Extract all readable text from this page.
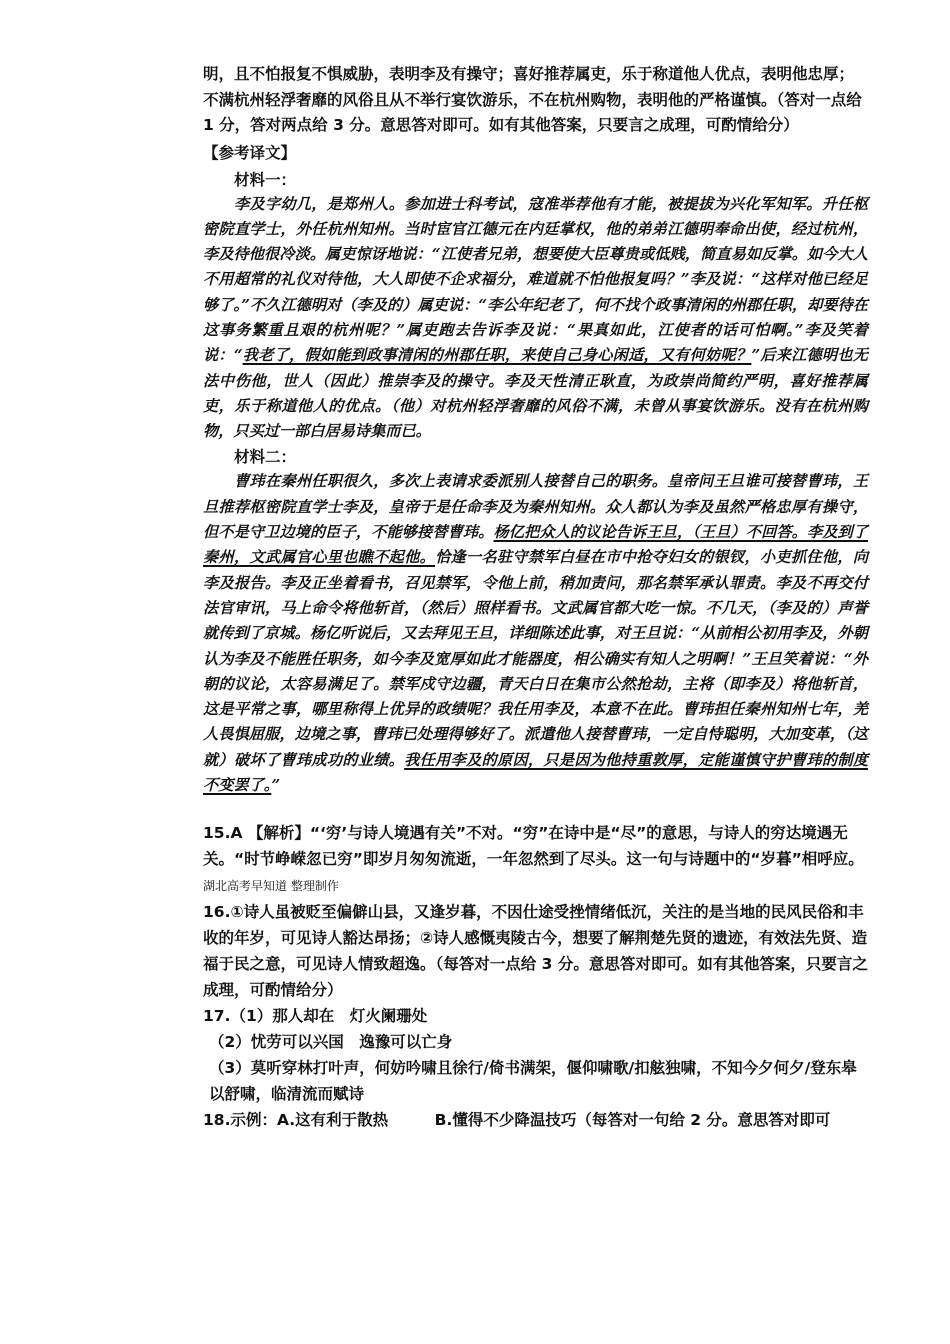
明，且不怕报复不惧威胁，表明李及有操守；喜好推荐属吏，乐于称道他人优点，表明他忠厚；不满杭州轻浮奢靡的风俗且从不举行宴饮游乐，不在杭州购物，表明他的严格谨慎。（答对一点给 1 分，答对两点给 3 分。意思答对即可。如有其他答案，只要言之成理，可酌情给分）

【参考译文】

材料一：

李及字幼几，是郑州人。参加进士科考试，寇准举荐他有才能，被提拔为兴化军知军。升任枢密院直学士，外任杭州知州。当时宦官江德元在内廷掌权，他的弟弟江德明奉命出使，经过杭州，李及待他很冷淡。属吏惊讶地说：“江使者兄弟，想要使大臣尊贵或低贱，简直易如反掌。如今大人不用超常的礼仪对待他，大人即使不企求福分，难道就不怕他报复吗？”李及说：“这样对他已经足够了。”不久江德明对（李及的）属吏说：“李公年纪老了，何不找个政事清闲的州郡任职，却要待在这事务繁重且艰的杭州呢？”属吏跑去告诉李及说：“果真如此，江使者的话可怕啊。”李及笑着说：“我老了，假如能到政事清闲的州郡任职，来使自己身心闲适，又有何妨呢？”后来江德明也无法中伤他，世人（因此）推崇李及的操守。李及天性清正耿直，为政崇尚简约严明，喜好推荐属吏，乐于称道他人的优点。（他）对杭州轻浮奢靡的风俗不满，未曾从事宴饮游乐。没有在杭州购物，只买过一部白居易诗集而已。

材料二：

曹玮在秦州任职很久，多次上表请求委派别人接替自己的职务。皇帝问王旦谁可接替曹玮，王旦推荐枢密院直学士李及，皇帝于是任命李及为秦州知州。众人都认为李及虽然严格忠厚有操守，但不是守卫边境的臣子，不能够接替曹玮。杨亿把众人的议论告诉王旦，（王旦）不回答。李及到了秦州，文武属官心里也瞧不起他。恰逢一名驻守禁军白昼在市中抢夺妇女的银钗，小吏抓住他，向李及报告。李及正坐着看书，召见禁军，令他上前，稍加责问，那名禁军承认罪责。李及不再交付法官审讯，马上命令将他斩首，（然后）照样看书。文武属官都大吃一惊。不几天，（李及的）声誉就传到了京城。杨亿听说后，又去拜见王旦，详细陈述此事，对王旦说：“从前相公初用李及，外朝认为李及不能胜任职务，如今李及宽厚如此才能器度，相公确实有知人之明啊！”王旦笑着说：“外朝的议论，太容易满足了。禁军戍守边疆，青天白日在集市公然抢劫，主将（即李及）将他斩首，这是平常之事，哪里称得上优异的政绩呢？我任用李及，本意不在此。曹玮担任秦州知州七年，羌人畏惧屈服，边境之事，曹玮已处理得够好了。派遣他人接替曹玮，一定自恃聪明，大加变革，（这就）破坏了曹玮成功的业绩。我任用李及的原因，只是因为他持重敦厚，定能谨慎守护曹玮的制度不变罢了。”

15.A 【解析】“‘穷’与诗人境遇有关”不对。“穷”在诗中是“尽”的意思，与诗人的穷达境遇无关。“时节峥嵘忽已穷”即岁月匆匆流逝，一年忽然到了尽头。这一句与诗题中的“岁暮”相呼应。湖北高考早知道 整理制作

16.①诗人虽被贬至偏僻山县，又逢岁暮，不因仕途受挫情绪低沉，关注的是当地的民风民俗和丰收的年岁，可见诗人豁达昂扬；②诗人感慨夷陵古今，想要了解荆楚先贤的遗迹，有效法先贤、造福于民之意，可见诗人情致超逸。（每答对一点给 3 分。意思答对即可。如有其他答案，只要言之成理，可酌情给分）

17.（1）那人却在　灯火阑珊处
（2）忧劳可以兴国　逸豫可以亡身
（3）莫听穿林打叶声，何妨吟啸且徐行/倚书满架，偃仰啸歌/扣舷独啸，不知今夕何夕/登东皋以舒啸，临清流而赋诗

18.示例：A.这有利于散热　　　B.懂得不少降温技巧（每答对一句给 2 分。意思答对即可
